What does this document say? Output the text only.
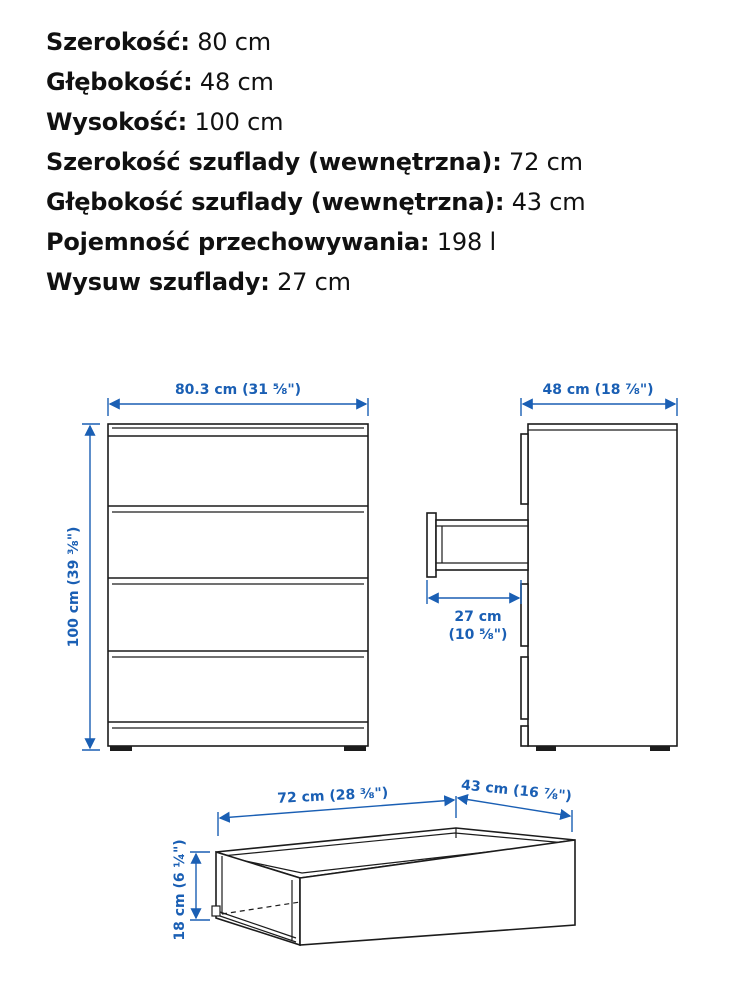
Szerokość: 80 cm
Głębokość: 48 cm
Wysokość: 100 cm
Szerokość szuflady (wewnętrzna): 72 cm
Głębokość szuflady (wewnętrzna): 43 cm
Pojemność przechowywania: 198 l
Wysuw szuflady: 27 cm
80.3 cm (31 ⅝")
100 cm (39 ⅜")
48 cm (18 ⅞")
27 cm
(10 ⅝")
72 cm (28 ⅜")	43 cm (16 ⅞")
18 cm (6 ¼")
